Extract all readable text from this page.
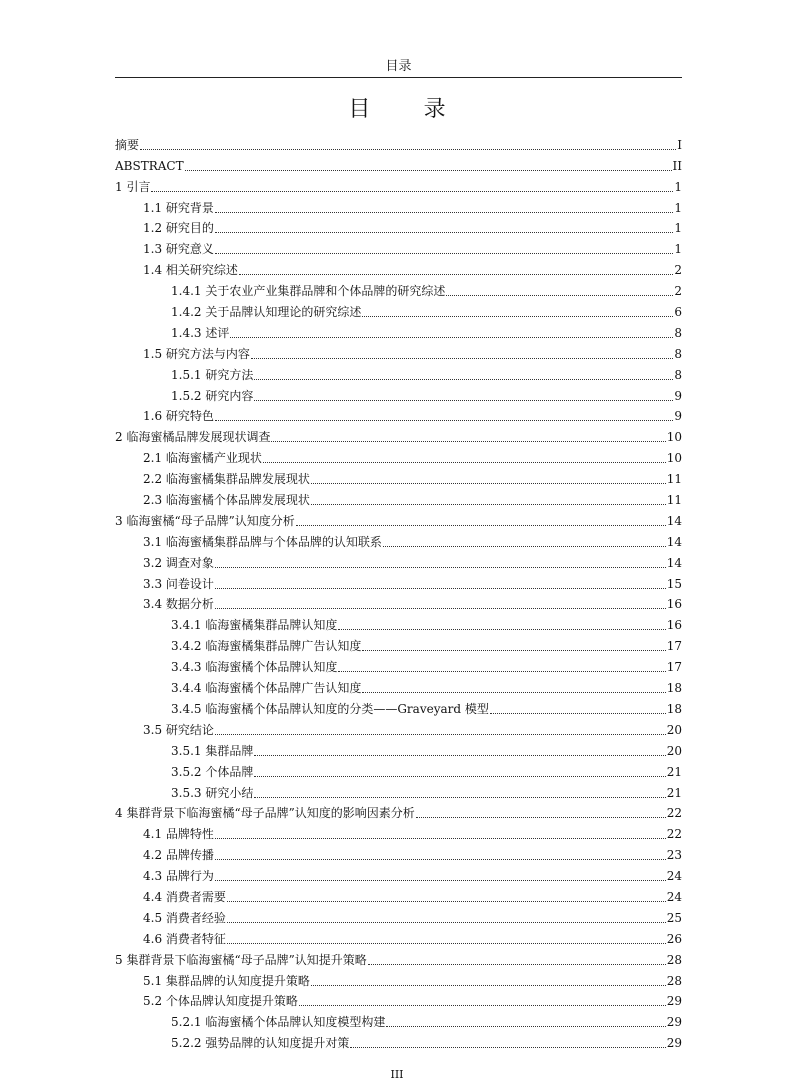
目录
目 录
摘要	I
ABSTRACT	II
1 引言	1
1.1 研究背景	1
1.2 研究目的	1
1.3 研究意义	1
1.4 相关研究综述	2
1.4.1 关于农业产业集群品牌和个体品牌的研究综述	2
1.4.2 关于品牌认知理论的研究综述	6
1.4.3 述评	8
1.5 研究方法与内容	8
1.5.1 研究方法	8
1.5.2 研究内容	9
1.6 研究特色	9
2 临海蜜橘品牌发展现状调查	10
2.1 临海蜜橘产业现状	10
2.2 临海蜜橘集群品牌发展现状	11
2.3 临海蜜橘个体品牌发展现状	11
3 临海蜜橘“母子品牌”认知度分析	14
3.1 临海蜜橘集群品牌与个体品牌的认知联系	14
3.2 调查对象	14
3.3 问卷设计	15
3.4 数据分析	16
3.4.1 临海蜜橘集群品牌认知度	16
3.4.2 临海蜜橘集群品牌广告认知度	17
3.4.3 临海蜜橘个体品牌认知度	17
3.4.4 临海蜜橘个体品牌广告认知度	18
3.4.5 临海蜜橘个体品牌认知度的分类——Graveyard 模型	18
3.5 研究结论	20
3.5.1 集群品牌	20
3.5.2 个体品牌	21
3.5.3 研究小结	21
4 集群背景下临海蜜橘“母子品牌”认知度的影响因素分析	22
4.1 品牌特性	22
4.2 品牌传播	23
4.3 品牌行为	24
4.4 消费者需要	24
4.5 消费者经验	25
4.6 消费者特征	26
5 集群背景下临海蜜橘“母子品牌”认知提升策略	28
5.1 集群品牌的认知度提升策略	28
5.2 个体品牌认知度提升策略	29
5.2.1 临海蜜橘个体品牌认知度模型构建	29
5.2.2 强势品牌的认知度提升对策	29
III
